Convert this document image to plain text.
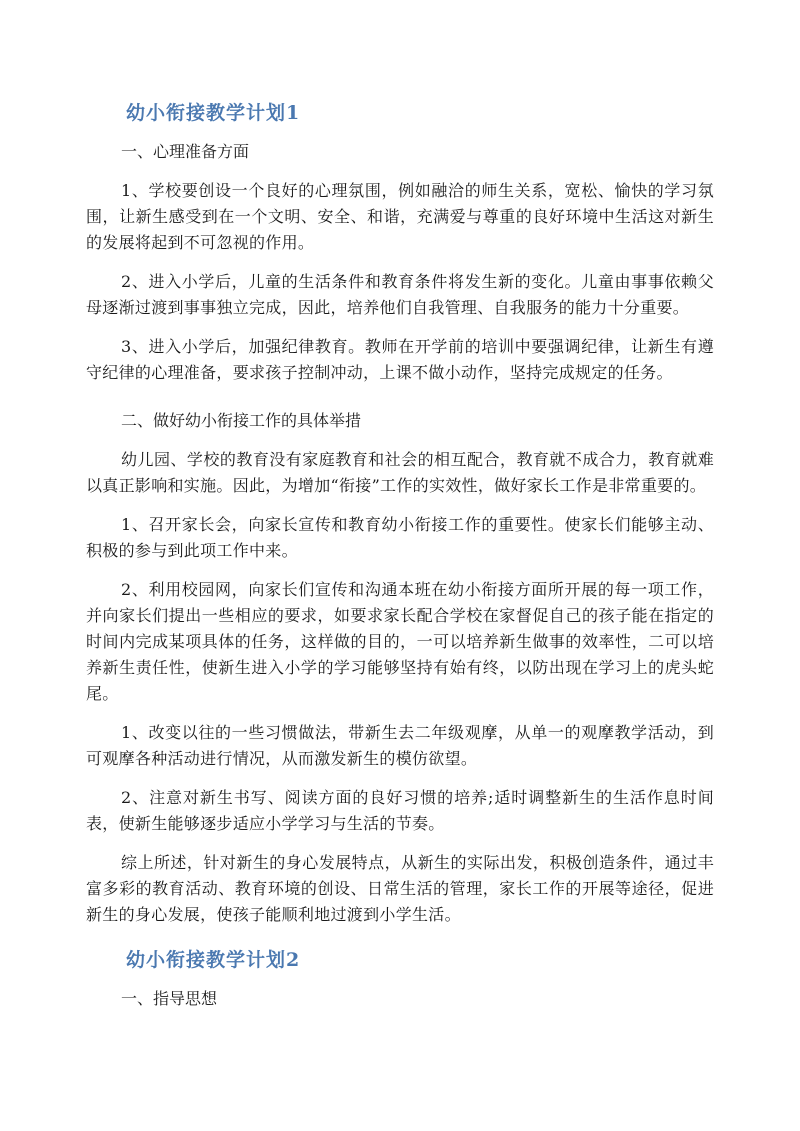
幼小衔接教学计划1

一、心理准备方面

1、学校要创设一个良好的心理氛围，例如融洽的师生关系，宽松、愉快的学习氛围，让新生感受到在一个文明、安全、和谐，充满爱与尊重的良好环境中生活这对新生的发展将起到不可忽视的作用。

2、进入小学后，儿童的生活条件和教育条件将发生新的变化。儿童由事事依赖父母逐渐过渡到事事独立完成，因此，培养他们自我管理、自我服务的能力十分重要。

3、进入小学后，加强纪律教育。教师在开学前的培训中要强调纪律，让新生有遵守纪律的心理准备，要求孩子控制冲动，上课不做小动作，坚持完成规定的任务。

二、做好幼小衔接工作的具体举措

幼儿园、学校的教育没有家庭教育和社会的相互配合，教育就不成合力，教育就难以真正影响和实施。因此，为增加“衔接”工作的实效性，做好家长工作是非常重要的。

1、召开家长会，向家长宣传和教育幼小衔接工作的重要性。使家长们能够主动、积极的参与到此项工作中来。

2、利用校园网，向家长们宣传和沟通本班在幼小衔接方面所开展的每一项工作，并向家长们提出一些相应的要求，如要求家长配合学校在家督促自己的孩子能在指定的时间内完成某项具体的任务，这样做的目的，一可以培养新生做事的效率性，二可以培养新生责任性，使新生进入小学的学习能够坚持有始有终，以防出现在学习上的虎头蛇尾。

1、改变以往的一些习惯做法，带新生去二年级观摩，从单一的观摩教学活动，到可观摩各种活动进行情况，从而激发新生的模仿欲望。

2、注意对新生书写、阅读方面的良好习惯的培养;适时调整新生的生活作息时间表，使新生能够逐步适应小学学习与生活的节奏。

综上所述，针对新生的身心发展特点，从新生的实际出发，积极创造条件，通过丰富多彩的教育活动、教育环境的创设、日常生活的管理，家长工作的开展等途径，促进新生的身心发展，使孩子能顺利地过渡到小学生活。

幼小衔接教学计划2

一、指导思想
